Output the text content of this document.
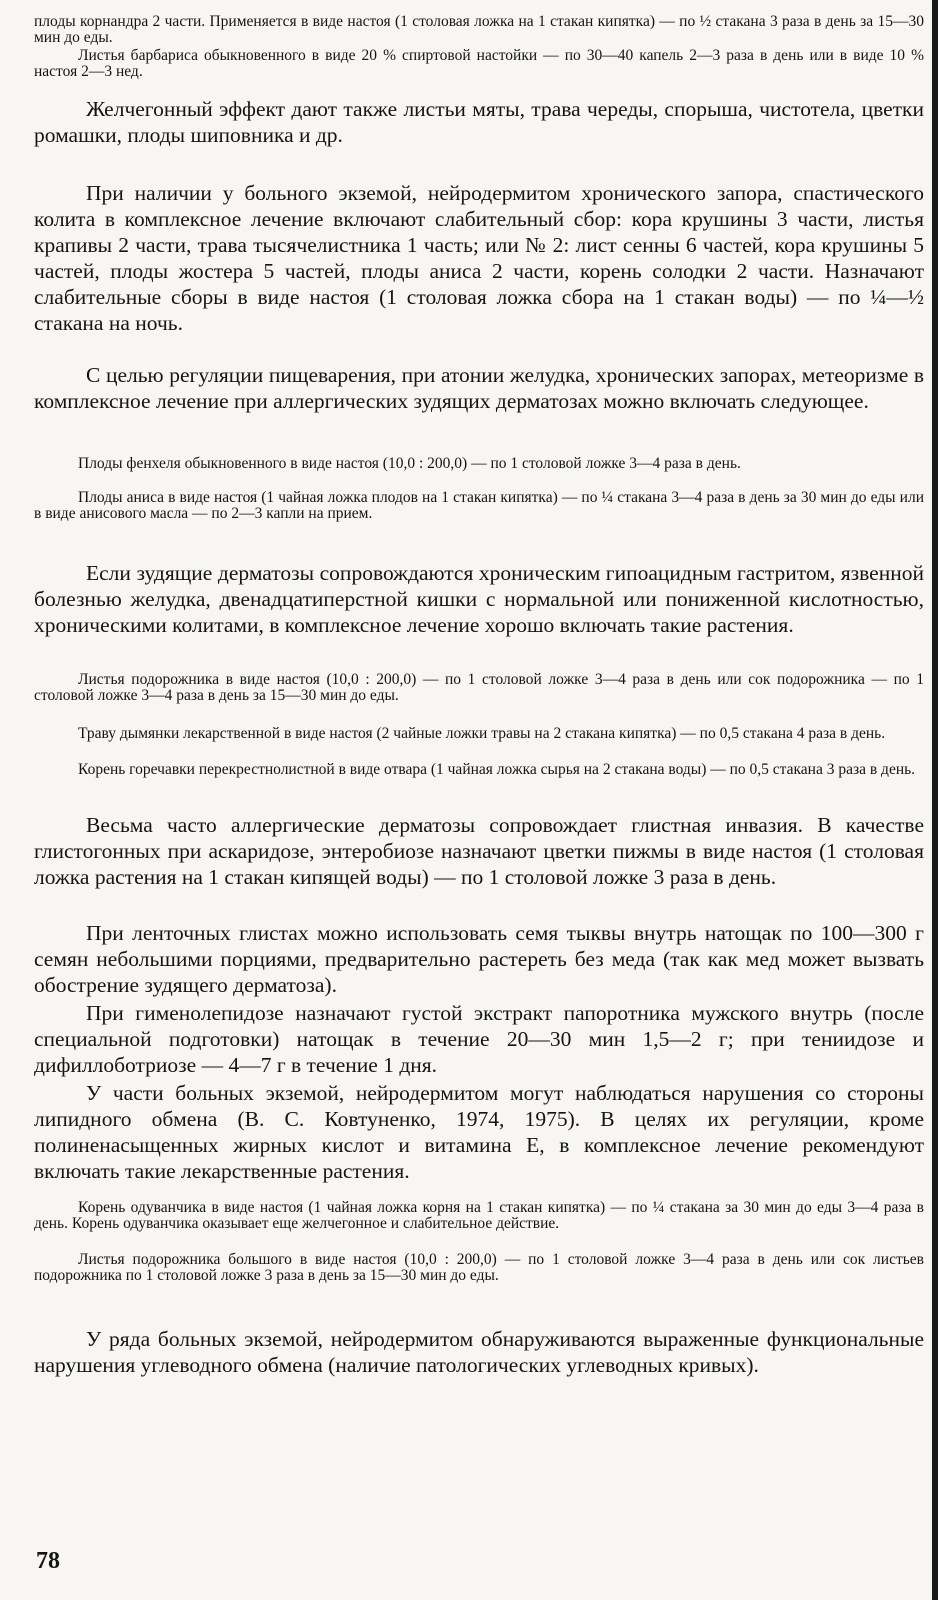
плоды корнандра 2 части. Применяется в виде настоя (1 столовая ложка на 1 стакан кипятка) — по ½ стакана 3 раза в день за 15—30 мин до еды.

Листья барбариса обыкновенного в виде 20 % спиртовой настойки — по 30—40 капель 2—3 раза в день или в виде 10 % настоя 2—3 нед.

Желчегонный эффект дают также листьи мяты, трава череды, спорыша, чистотела, цветки ромашки, плоды шиповника и др.

При наличии у больного экземой, нейродермитом хронического запора, спастического колита в комплексное лечение включают слабительный сбор: кора крушины 3 части, листья крапивы 2 части, трава тысячелистника 1 часть; или № 2: лист сенны 6 частей, кора крушины 5 частей, плоды жостера 5 частей, плоды аниса 2 части, корень солодки 2 части. Назначают слабительные сборы в виде настоя (1 столовая ложка сбора на 1 стакан воды) — по ¼—½ стакана на ночь.

С целью регуляции пищеварения, при атонии желудка, хронических запорах, метеоризме в комплексное лечение при аллергических зудящих дерматозах можно включать следующее.

Плоды фенхеля обыкновенного в виде настоя (10,0 : 200,0) — по 1 столовой ложке 3—4 раза в день.

Плоды аниса в виде настоя (1 чайная ложка плодов на 1 стакан кипятка) — по ¼ стакана 3—4 раза в день за 30 мин до еды или в виде анисового масла — по 2—3 капли на прием.

Если зудящие дерматозы сопровождаются хроническим гипоацидным гастритом, язвенной болезнью желудка, двенадцатиперстной кишки с нормальной или пониженной кислотностью, хроническими колитами, в комплексное лечение хорошо включать такие растения.

Листья подорожника в виде настоя (10,0 : 200,0) — по 1 столовой ложке 3—4 раза в день или сок подорожника — по 1 столовой ложке 3—4 раза в день за 15—30 мин до еды.

Траву дымянки лекарственной в виде настоя (2 чайные ложки травы на 2 стакана кипятка) — по 0,5 стакана 4 раза в день.

Корень горечавки перекрестнолистной в виде отвара (1 чайная ложка сырья на 2 стакана воды) — по 0,5 стакана 3 раза в день.

Весьма часто аллергические дерматозы сопровождает глистная инвазия. В качестве глистогонных при аскаридозе, энтеробиозе назначают цветки пижмы в виде настоя (1 столовая ложка растения на 1 стакан кипящей воды) — по 1 столовой ложке 3 раза в день.

При ленточных глистах можно использовать семя тыквы внутрь натощак по 100—300 г семян небольшими порциями, предварительно растереть без меда (так как мед может вызвать обострение зудящего дерматоза).

При гименолепидозе назначают густой экстракт папоротника мужского внутрь (после специальной подготовки) натощак в течение 20—30 мин 1,5—2 г; при тениидозе и дифиллоботриозе — 4—7 г в течение 1 дня.

У части больных экземой, нейродермитом могут наблюдаться нарушения со стороны липидного обмена (В. С. Ковтуненко, 1974, 1975). В целях их регуляции, кроме полиненасыщенных жирных кислот и витамина Е, в комплексное лечение рекомендуют включать такие лекарственные растения.

Корень одуванчика в виде настоя (1 чайная ложка корня на 1 стакан кипятка) — по ¼ стакана за 30 мин до еды 3—4 раза в день. Корень одуванчика оказывает еще желчегонное и слабительное действие.

Листья подорожника большого в виде настоя (10,0 : 200,0) — по 1 столовой ложке 3—4 раза в день или сок листьев подорожника по 1 столовой ложке 3 раза в день за 15—30 мин до еды.

У ряда больных экземой, нейродермитом обнаруживаются выраженные функциональные нарушения углеводного обмена (наличие патологических углеводных кривых).

78
